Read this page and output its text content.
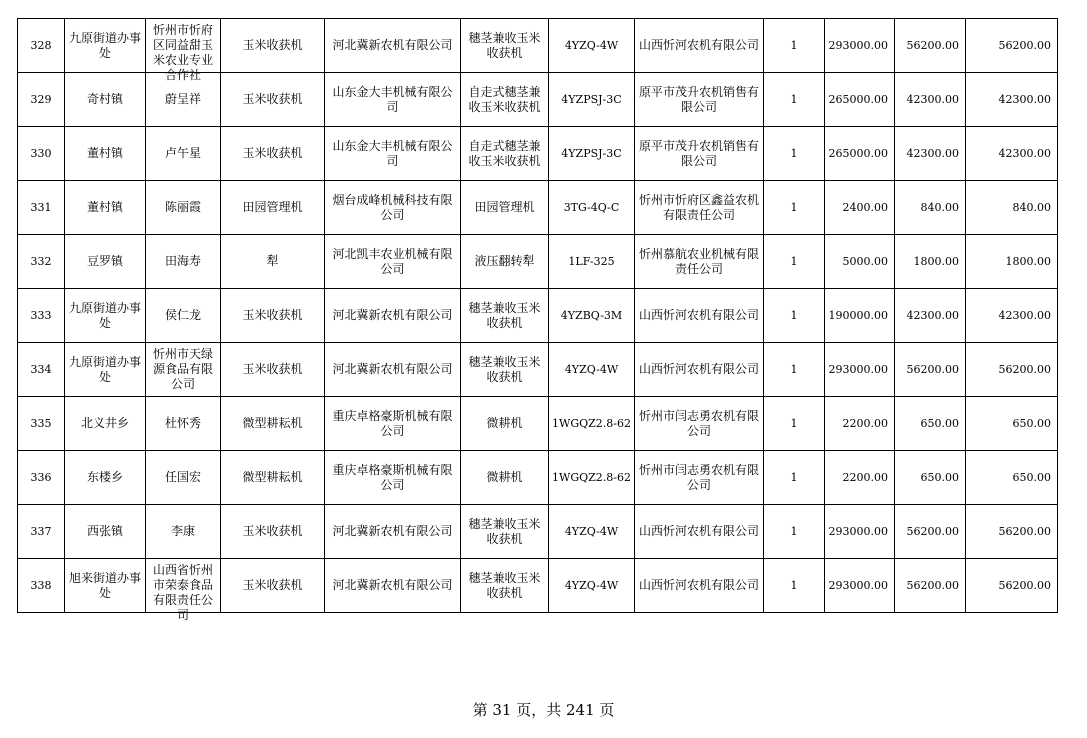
328	九原街道办事处	忻州市忻府区同益甜玉米农业专业合作社	玉米收获机	河北冀新农机有限公司	穗茎兼收玉米收获机	4YZQ-4W	山西忻河农机有限公司	1	293000.00	56200.00	56200.00

329	奇村镇	蔚呈祥	玉米收获机	山东金大丰机械有限公司	自走式穗茎兼收玉米收获机	4YZPSJ-3C	原平市茂升农机销售有限公司	1	265000.00	42300.00	42300.00

330	董村镇	卢午星	玉米收获机	山东金大丰机械有限公司	自走式穗茎兼收玉米收获机	4YZPSJ-3C	原平市茂升农机销售有限公司	1	265000.00	42300.00	42300.00

331	董村镇	陈丽霞	田园管理机	烟台成峰机械科技有限公司	田园管理机	3TG-4Q-C	忻州市忻府区鑫益农机有限责任公司	1	2400.00	840.00	840.00

332	豆罗镇	田海寿	犁	河北凯丰农业机械有限公司	液压翻转犁	1LF-325	忻州慕航农业机械有限责任公司	1	5000.00	1800.00	1800.00

333	九原街道办事处	侯仁龙	玉米收获机	河北冀新农机有限公司	穗茎兼收玉米收获机	4YZBQ-3M	山西忻河农机有限公司	1	190000.00	42300.00	42300.00

334	九原街道办事处	忻州市天绿源食品有限公司	玉米收获机	河北冀新农机有限公司	穗茎兼收玉米收获机	4YZQ-4W	山西忻河农机有限公司	1	293000.00	56200.00	56200.00

335	北义井乡	杜怀秀	微型耕耘机	重庆卓格豪斯机械有限公司	微耕机	1WGQZ2.8-62	忻州市闫志勇农机有限公司	1	2200.00	650.00	650.00

336	东楼乡	任国宏	微型耕耘机	重庆卓格豪斯机械有限公司	微耕机	1WGQZ2.8-62	忻州市闫志勇农机有限公司	1	2200.00	650.00	650.00

337	西张镇	李康	玉米收获机	河北冀新农机有限公司	穗茎兼收玉米收获机	4YZQ-4W	山西忻河农机有限公司	1	293000.00	56200.00	56200.00

338	旭来街道办事处	山西省忻州市荣泰食品有限责任公司	玉米收获机	河北冀新农机有限公司	穗茎兼收玉米收获机	4YZQ-4W	山西忻河农机有限公司	1	293000.00	56200.00	56200.00
第 31 页，共 241 页
